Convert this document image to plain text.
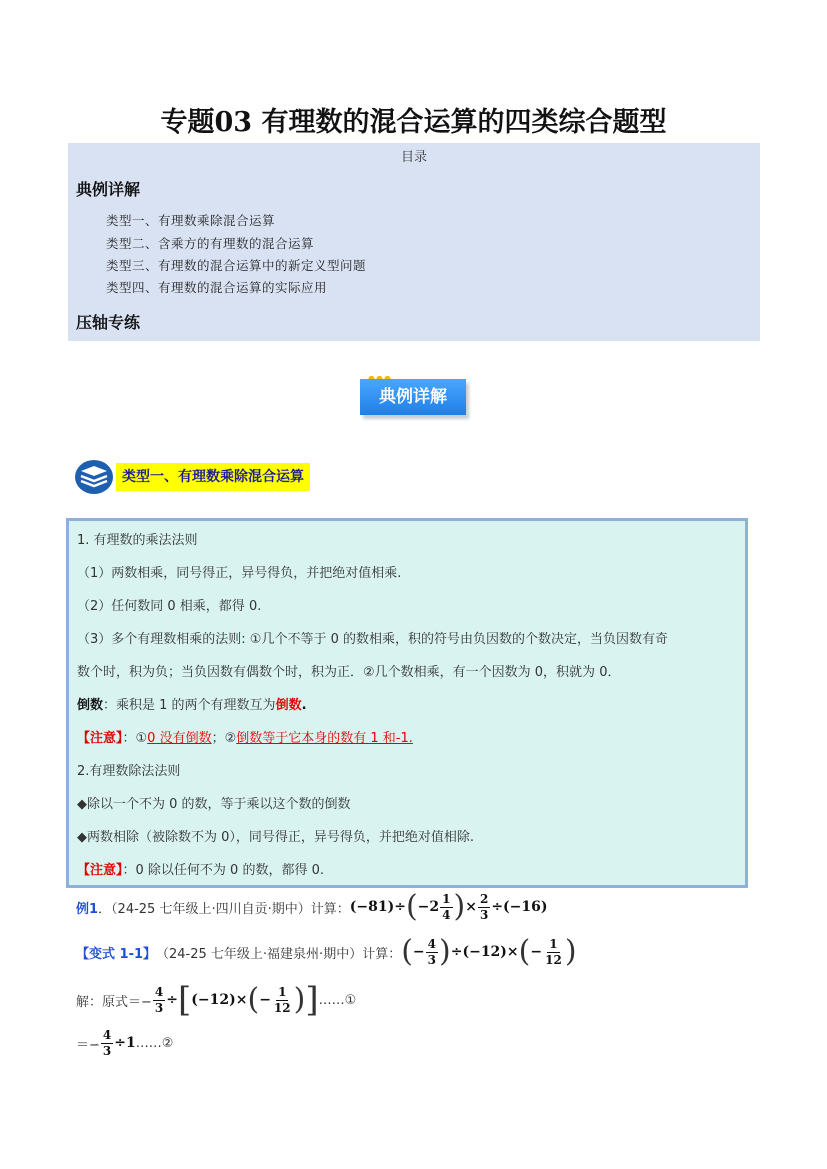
专题03 有理数的混合运算的四类综合题型
目录
典例详解
类型一、有理数乘除混合运算
类型二、含乘方的有理数的混合运算
类型三、有理数的混合运算中的新定义型问题
类型四、有理数的混合运算的实际应用
压轴专练
典例详解
类型一、有理数乘除混合运算
1. 有理数的乘法法则
（1）两数相乘，同号得正，异号得负，并把绝对值相乘.
（2）任何数同 0 相乘，都得 0.
（3）多个有理数相乘的法则: ①几个不等于 0 的数相乘，积的符号由负因数的个数决定，当负因数有奇
数个时，积为负；当负因数有偶数个时，积为正．②几个数相乘，有一个因数为 0，积就为 0．
倒数：乘积是 1 的两个有理数互为倒数.
【注意】：①0 没有倒数；②倒数等于它本身的数有 1 和-1.
2.有理数除法法则
◆除以一个不为 0 的数，等于乘以这个数的倒数
◆两数相除（被除数不为 0），同号得正，异号得负，并把绝对值相除.
【注意】：0 除以任何不为 0 的数，都得 0.
例1 ．（24-25 七年级上·四川自贡·期中）计算： (−81)÷ ( $-2 \frac{1}{4}$ ) × $\frac{2}{3} \div(-16)$
【变式 1-1】 （24-25 七年级上·福建泉州·期中）计算： ( − $\frac{4}{3}$ ) ÷(−12)× ( − $\frac{1}{12}$ )
解：原式＝− $\frac{4}{3}$ ÷ [ (−12)× ( − $\frac{1}{12}$ ) ] ……①
＝− $\frac{4}{3} \div 1$ ……②
